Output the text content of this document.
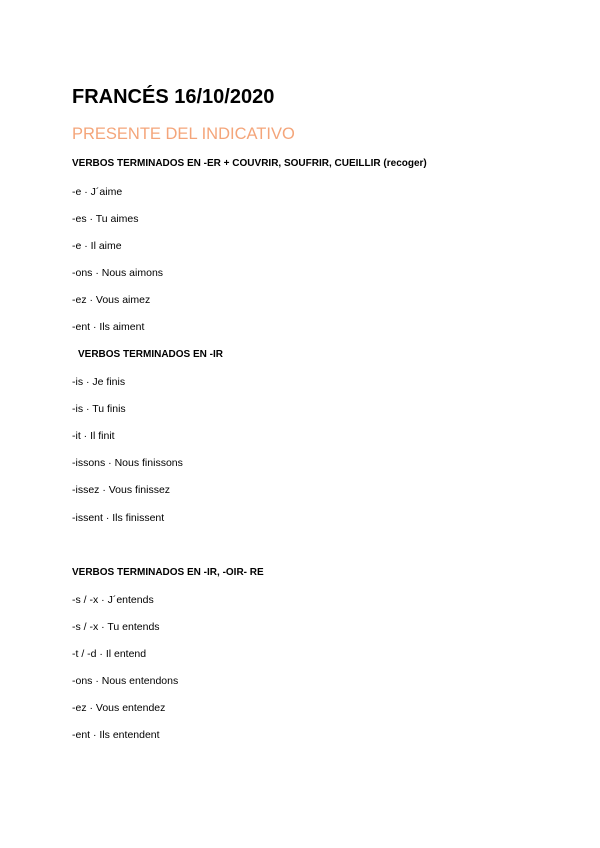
FRANCÉS 16/10/2020
PRESENTE DEL INDICATIVO
VERBOS TERMINADOS EN -ER + COUVRIR, SOUFRIR, CUEILLIR (recoger)
-e · J´aime
-es · Tu aimes
-e · Il aime
-ons · Nous aimons
-ez · Vous aimez
-ent · Ils aiment
VERBOS TERMINADOS EN -IR
-is · Je finis
-is · Tu finis
-it · Il finit
-issons · Nous finissons
-issez · Vous finissez
-issent · Ils finissent
VERBOS TERMINADOS EN -IR, -OIR- RE
-s / -x · J´entends
-s / -x · Tu entends
-t / -d · Il entend
-ons · Nous entendons
-ez · Vous entendez
-ent · Ils entendent
